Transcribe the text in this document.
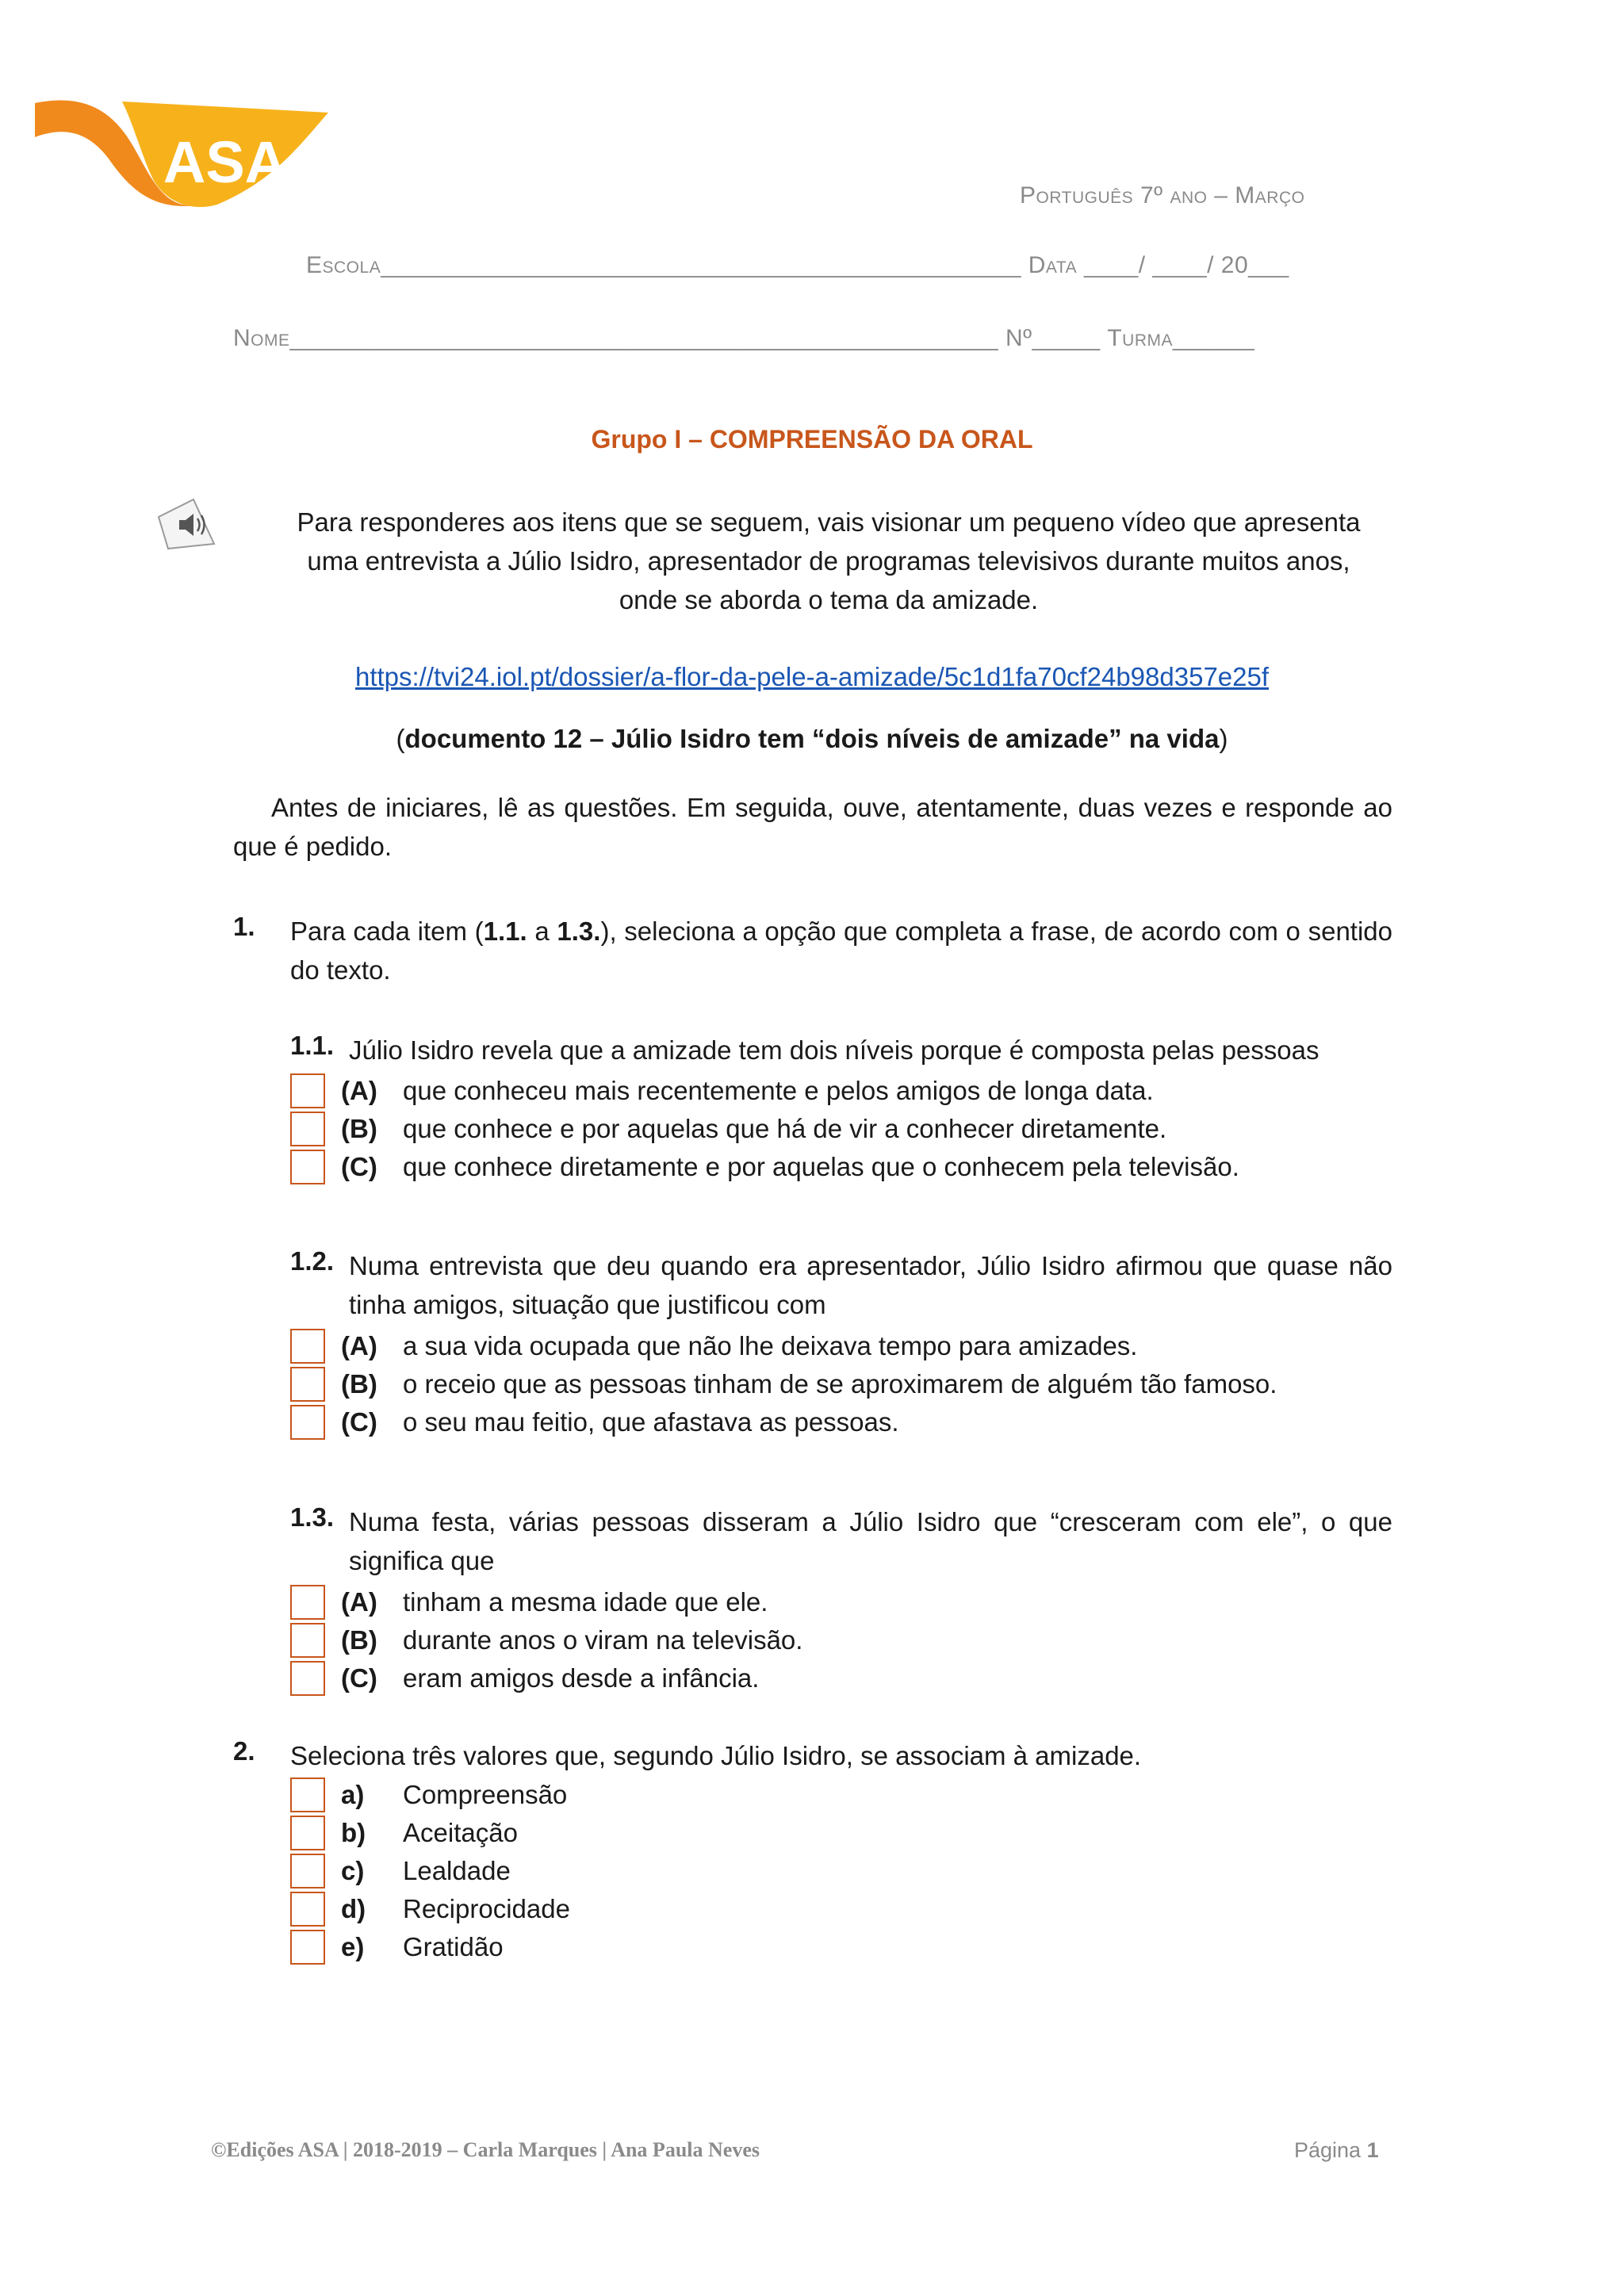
ASA
Português 7º ano – Março
Escola_______________________________________________ Data ____/ ____/ 20___
Nome____________________________________________________ Nº_____ Turma______
Grupo I – COMPREENSÃO DA ORAL
Para responderes aos itens que se seguem, vais visionar um pequeno vídeo que apresenta
uma entrevista a Júlio Isidro, apresentador de programas televisivos durante muitos anos,
onde se aborda o tema da amizade.
https://tvi24.iol.pt/dossier/a-flor-da-pele-a-amizade/5c1d1fa70cf24b98d357e25f
(documento 12 – Júlio Isidro tem “dois níveis de amizade” na vida)
Antes de iniciares, lê as questões. Em seguida, ouve, atentamente, duas vezes e responde ao que é pedido.
1. Para cada item (1.1. a 1.3.), seleciona a opção que completa a frase, de acordo com o sentido do texto.
1.1. Júlio Isidro revela que a amizade tem dois níveis porque é composta pelas pessoas
(A) que conheceu mais recentemente e pelos amigos de longa data.
(B) que conhece e por aquelas que há de vir a conhecer diretamente.
(C) que conhece diretamente e por aquelas que o conhecem pela televisão.
1.2. Numa entrevista que deu quando era apresentador, Júlio Isidro afirmou que quase não tinha amigos, situação que justificou com
(A) a sua vida ocupada que não lhe deixava tempo para amizades.
(B) o receio que as pessoas tinham de se aproximarem de alguém tão famoso.
(C) o seu mau feitio, que afastava as pessoas.
1.3. Numa festa, várias pessoas disseram a Júlio Isidro que “cresceram com ele”, o que significa que
(A) tinham a mesma idade que ele.
(B) durante anos o viram na televisão.
(C) eram amigos desde a infância.
2. Seleciona três valores que, segundo Júlio Isidro, se associam à amizade.
a)	Compreensão
b)	Aceitação
c)	Lealdade
d)	Reciprocidade
e)	Gratidão
©Edições ASA | 2018-2019 – Carla Marques | Ana Paula Neves	Página 1
